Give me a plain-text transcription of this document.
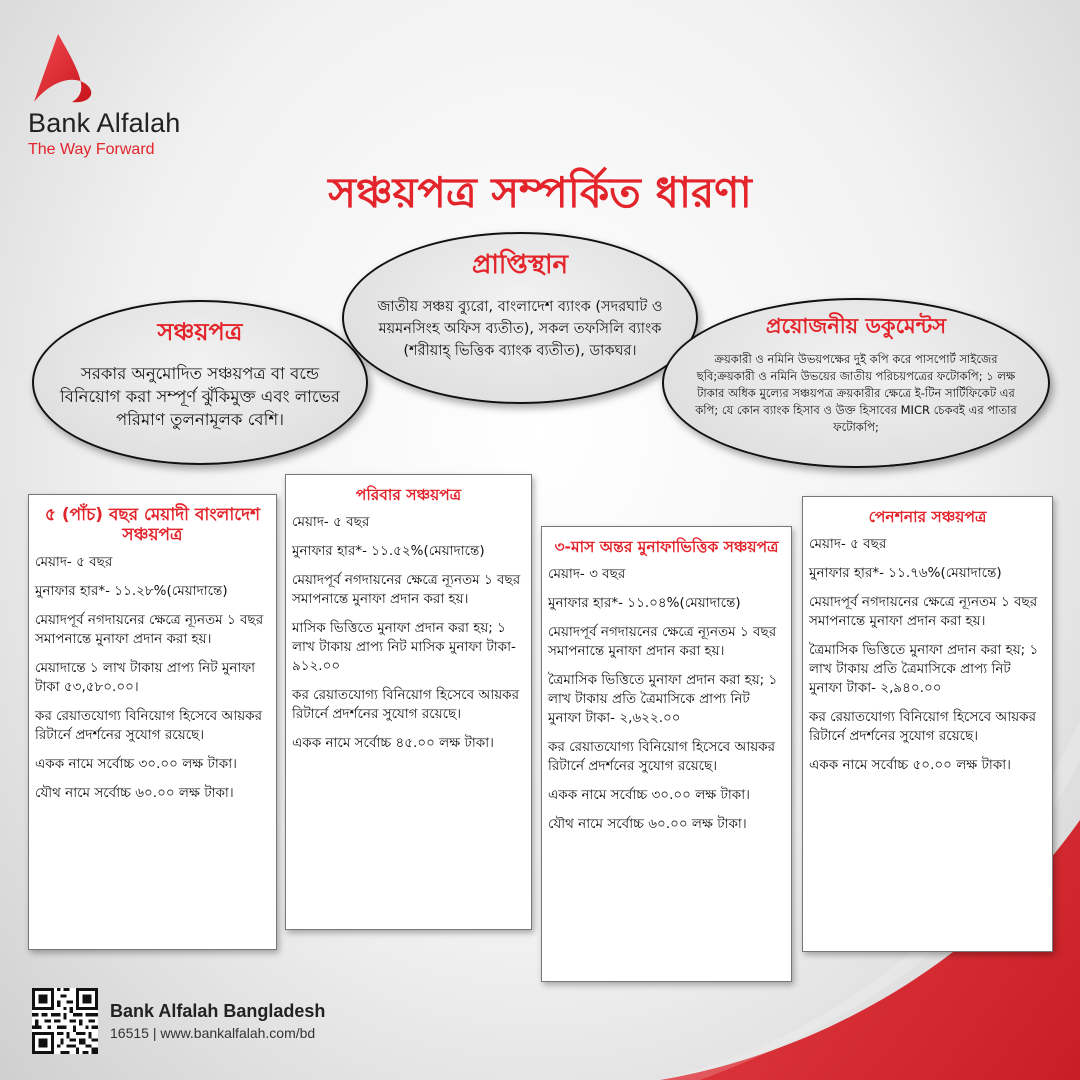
Bank Alfalah
The Way Forward
সঞ্চয়পত্র সম্পর্কিত ধারণা
সঞ্চয়পত্র

সরকার অনুমোদিত সঞ্চয়পত্র বা বন্ডে বিনিয়োগ করা সম্পূর্ণ ঝুঁকিমুক্ত এবং লাভের পরিমাণ তুলনামূলক বেশি।

প্রাপ্তিস্থান

জাতীয় সঞ্চয় ব্যুরো, বাংলাদেশ ব্যাংক (সদরঘাট ও ময়মনসিংহ অফিস ব্যতীত), সকল তফসিলি ব্যাংক (শরীয়াহ্ ভিত্তিক ব্যাংক ব্যতীত), ডাকঘর।

প্রয়োজনীয় ডকুমেন্টস

ক্রয়কারী ও নমিনি উভয়পক্ষের দুই কপি করে পাসপোর্ট সাইজের ছবি;ক্রয়কারী ও নমিনি উভয়ের জাতীয় পরিচয়পত্রের ফটোকপি; ১ লক্ষ টাকার অধিক মুল্যের সঞ্চয়পত্র ক্রয়কারীর ক্ষেত্রে ই-টিন সার্টিফিকেট এর কপি; যে কোন ব্যাংক হিসাব ও উক্ত হিসাবের MICR চেকবই এর পাতার ফটোকপি;

৫ (পাঁচ) বছর মেয়াদী বাংলাদেশ সঞ্চয়পত্র
মেয়াদ- ৫ বছর
মুনাফার হার*- ১১.২৮%(মেয়াদান্তে)
মেয়াদপূর্ব নগদায়নের ক্ষেত্রে ন্যূনতম ১ বছর সমাপনান্তে মুনাফা প্রদান করা হয়।
মেয়াদান্তে ১ লাখ টাকায় প্রাপ্য নিট মুনাফা টাকা ৫৩,৫৮০.০০।
কর রেয়াতযোগ্য বিনিয়োগ হিসেবে আয়কর রিটার্নে প্রদর্শনের সুযোগ রয়েছে।
একক নামে সর্বোচ্চ ৩০.০০ লক্ষ টাকা।
যৌথ নামে সর্বোচ্চ ৬০.০০ লক্ষ টাকা।
পরিবার সঞ্চয়পত্র
মেয়াদ- ৫ বছর
মুনাফার হার*- ১১.৫২%(মেয়াদান্তে)
মেয়াদপূর্ব নগদায়নের ক্ষেত্রে ন্যূনতম ১ বছর সমাপনান্তে মুনাফা প্রদান করা হয়।
মাসিক ভিত্তিতে মুনাফা প্রদান করা হয়; ১ লাখ টাকায় প্রাপ্য নিট মাসিক মুনাফা টাকা- ৯১২.০০
কর রেয়াতযোগ্য বিনিয়োগ হিসেবে আয়কর রিটার্নে প্রদর্শনের সুযোগ রয়েছে।
একক নামে সর্বোচ্চ ৪৫.০০ লক্ষ টাকা।
৩-মাস অন্তর মুনাফাভিত্তিক সঞ্চয়পত্র
মেয়াদ- ৩ বছর
মুনাফার হার*- ১১.০৪%(মেয়াদান্তে)
মেয়াদপূর্ব নগদায়নের ক্ষেত্রে ন্যূনতম ১ বছর সমাপনান্তে মুনাফা প্রদান করা হয়।
ত্রৈমাসিক ভিত্তিতে মুনাফা প্রদান করা হয়; ১ লাখ টাকায় প্রতি ত্রৈমাসিকে প্রাপ্য নিট মুনাফা টাকা- ২,৬২২.০০
কর রেয়াতযোগ্য বিনিয়োগ হিসেবে আয়কর রিটার্নে প্রদর্শনের সুযোগ রয়েছে।
একক নামে সর্বোচ্চ ৩০.০০ লক্ষ টাকা।
যৌথ নামে সর্বোচ্চ ৬০.০০ লক্ষ টাকা।
পেনশনার সঞ্চয়পত্র
মেয়াদ- ৫ বছর
মুনাফার হার*- ১১.৭৬%(মেয়াদান্তে)
মেয়াদপূর্ব নগদায়নের ক্ষেত্রে ন্যূনতম ১ বছর সমাপনান্তে মুনাফা প্রদান করা হয়।
ত্রৈমাসিক ভিত্তিতে মুনাফা প্রদান করা হয়; ১ লাখ টাকায় প্রতি ত্রৈমাসিকে প্রাপ্য নিট মুনাফা টাকা- ২,৯৪০.০০
কর রেয়াতযোগ্য বিনিয়োগ হিসেবে আয়কর রিটার্নে প্রদর্শনের সুযোগ রয়েছে।
একক নামে সর্বোচ্চ ৫০.০০ লক্ষ টাকা।
Bank Alfalah Bangladesh
16515 | www.bankalfalah.com/bd
